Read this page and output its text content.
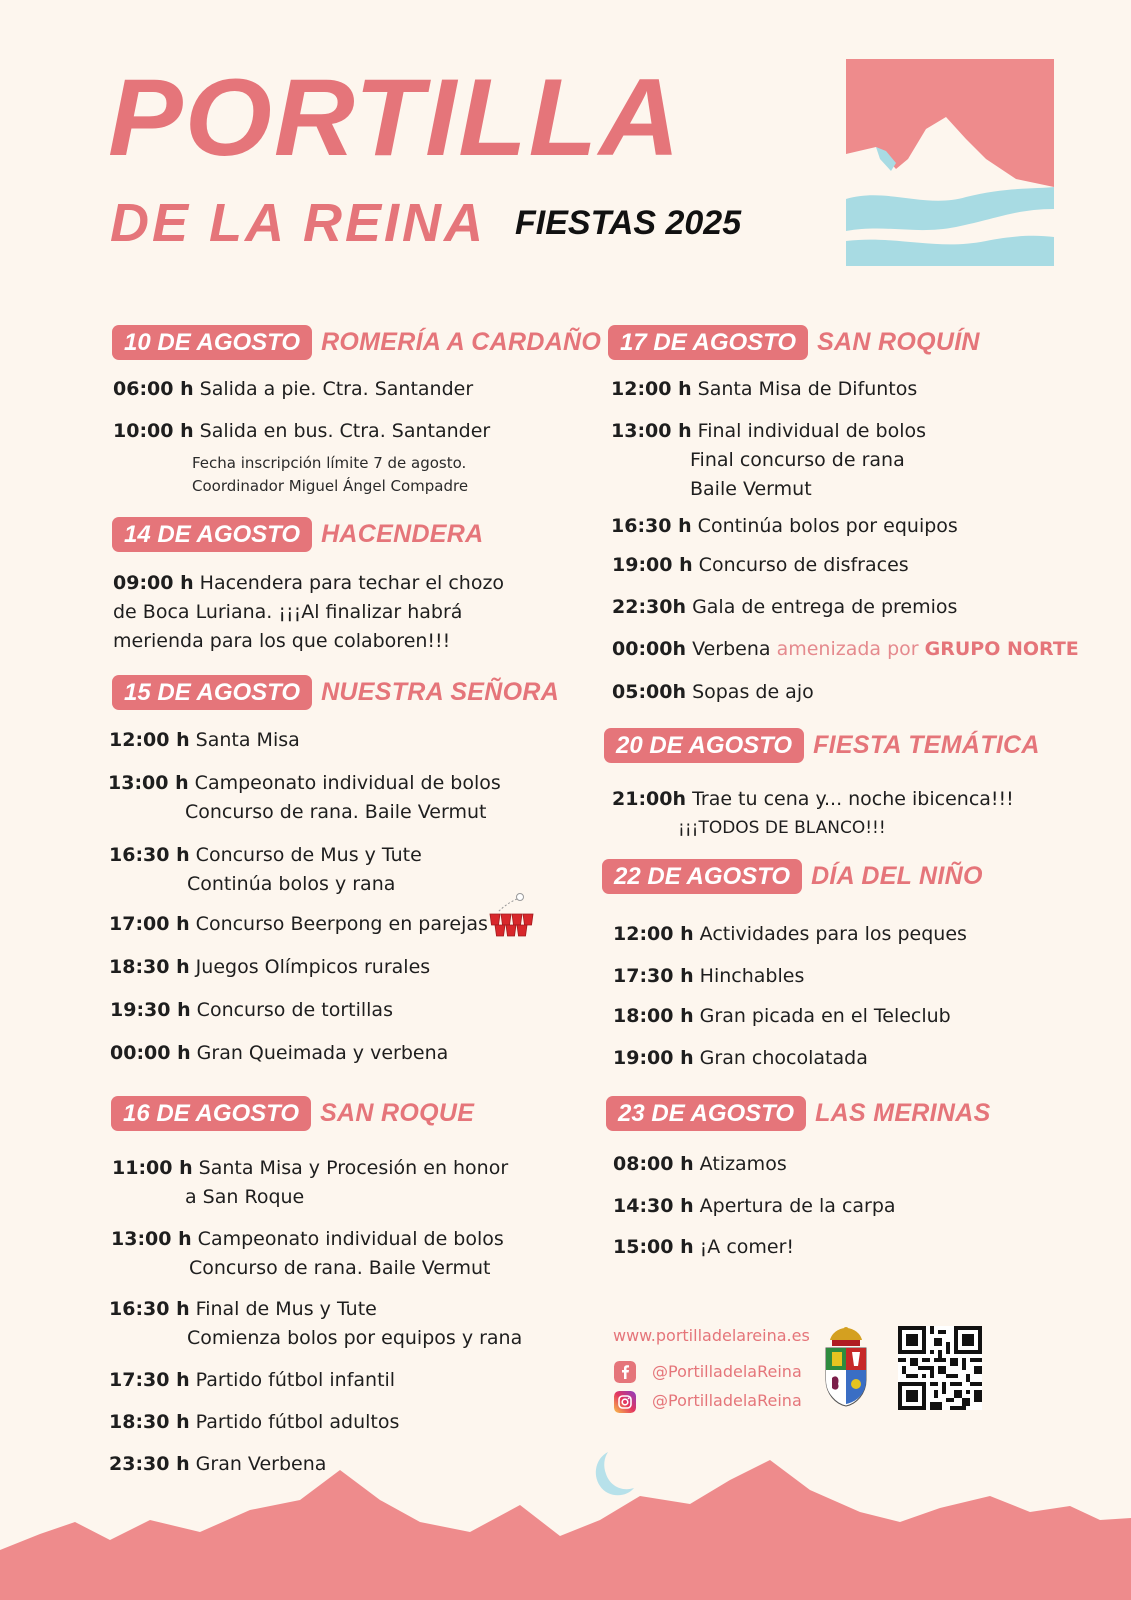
PORTILLA
DE LA REINA FIESTAS 2025
10 DE AGOSTO ROMERÍA A CARDAÑO
06:00 h Salida a pie. Ctra. Santander
10:00 h Salida en bus. Ctra. Santander
Fecha inscripción límite 7 de agosto.
Coordinador Miguel Ángel Compadre
14 DE AGOSTO HACENDERA
09:00 h Hacendera para techar el chozo
de Boca Luriana. ¡¡¡Al finalizar habrá
merienda para los que colaboren!!!
15 DE AGOSTO NUESTRA SEÑORA
12:00 h Santa Misa
13:00 h Campeonato individual de bolos
Concurso de rana. Baile Vermut
16:30 h Concurso de Mus y Tute
Continúa bolos y rana
17:00 h Concurso Beerpong en parejas
18:30 h Juegos Olímpicos rurales
19:30 h Concurso de tortillas
00:00 h Gran Queimada y verbena
16 DE AGOSTO SAN ROQUE
11:00 h Santa Misa y Procesión en honor
a San Roque
13:00 h Campeonato individual de bolos
Concurso de rana. Baile Vermut
16:30 h Final de Mus y Tute
Comienza bolos por equipos y rana
17:30 h Partido fútbol infantil
18:30 h Partido fútbol adultos
23:30 h Gran Verbena
17 DE AGOSTO SAN ROQUÍN
12:00 h Santa Misa de Difuntos
13:00 h Final individual de bolos
Final concurso de rana
Baile Vermut
16:30 h Continúa bolos por equipos
19:00 h Concurso de disfraces
22:30h Gala de entrega de premios
00:00h Verbena amenizada por GRUPO NORTE
05:00h Sopas de ajo
20 DE AGOSTO FIESTA TEMÁTICA
21:00h Trae tu cena y... noche ibicenca!!!
¡¡¡TODOS DE BLANCO!!!
22 DE AGOSTO DÍA DEL NIÑO
12:00 h Actividades para los peques
17:30 h Hinchables
18:00 h Gran picada en el Teleclub
19:00 h Gran chocolatada
23 DE AGOSTO LAS MERINAS
08:00 h Atizamos
14:30 h Apertura de la carpa
15:00 h ¡A comer!
www.portilladelareina.es
@PortilladelaReina
@PortilladelaReina
